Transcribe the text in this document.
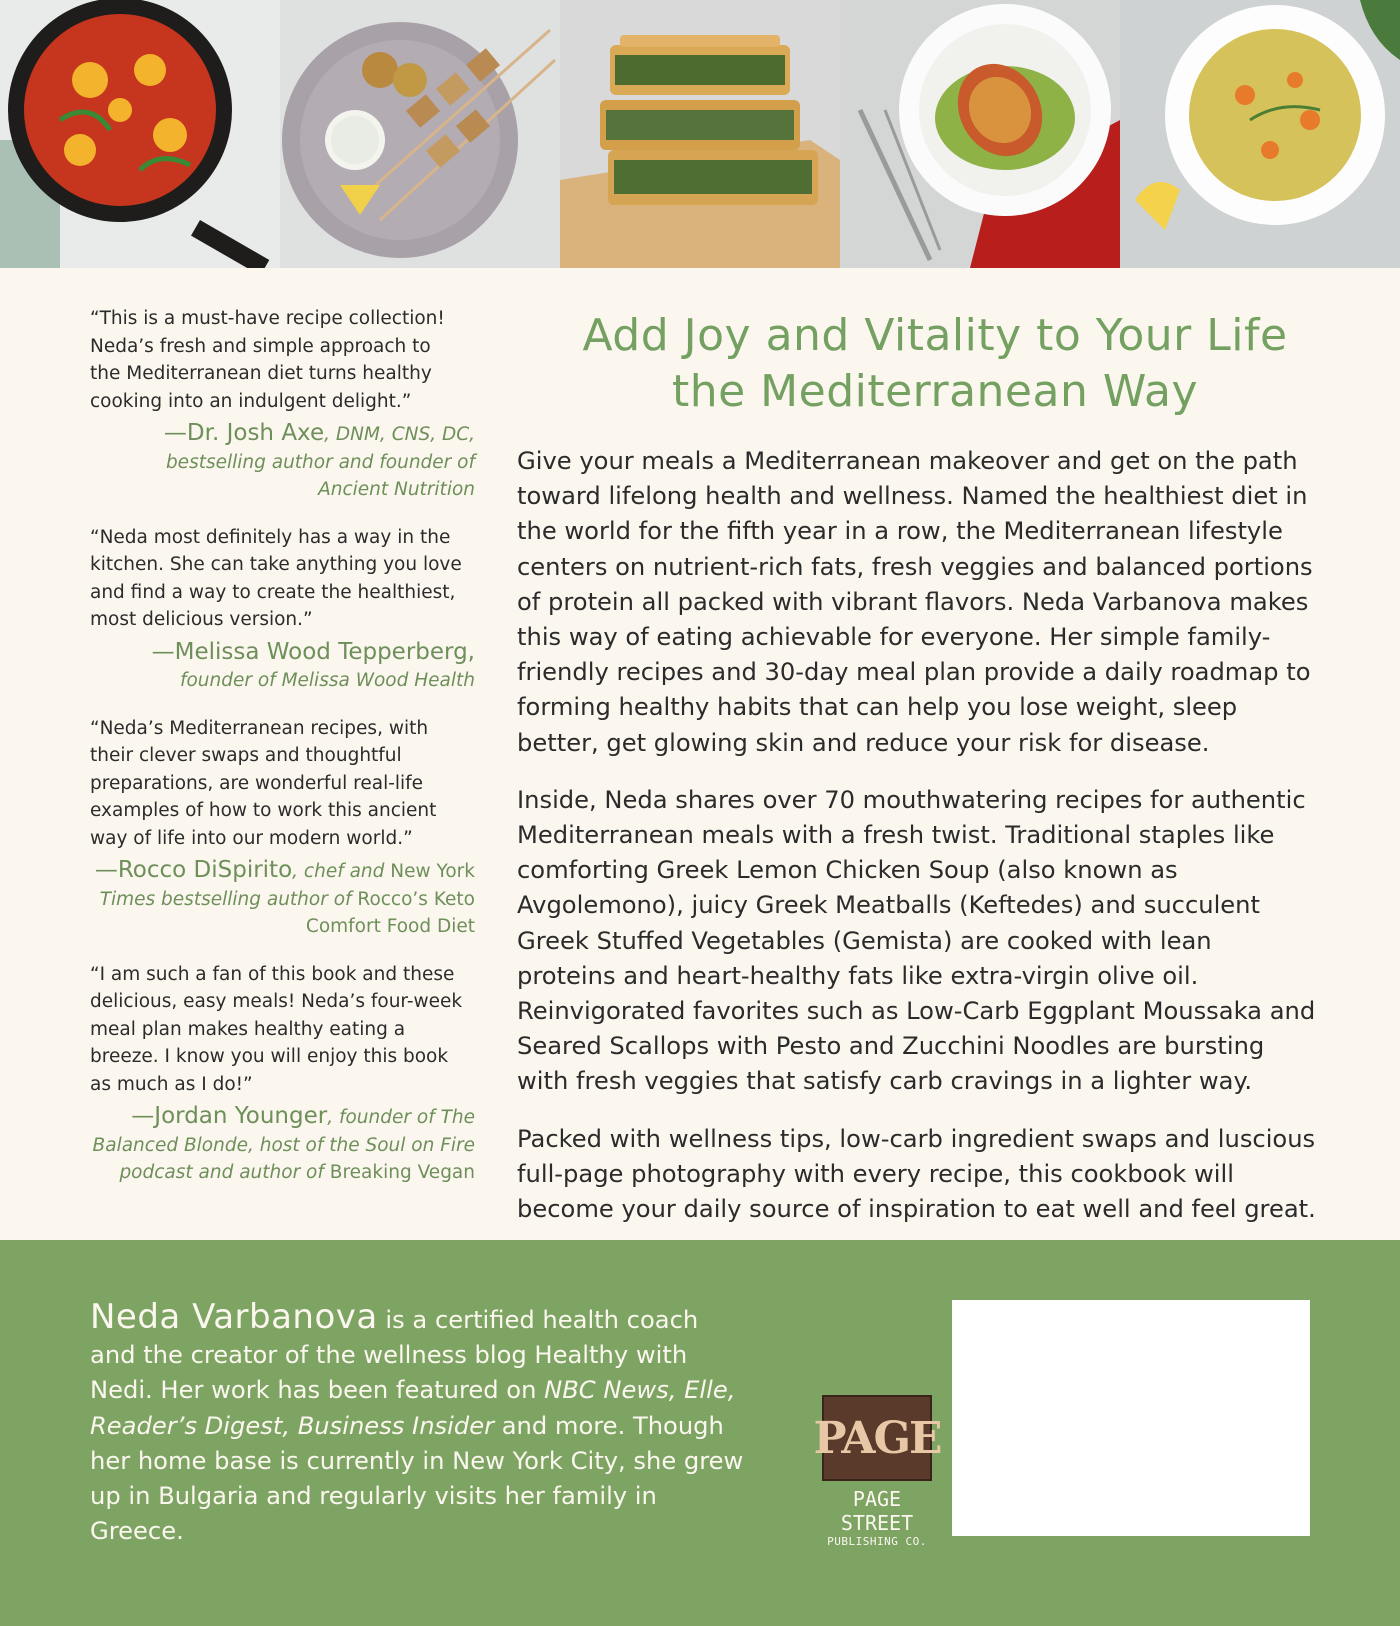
“This is a must-have recipe collection!
Neda’s fresh and simple approach to
the Mediterranean diet turns healthy
cooking into an indulgent delight.”

—Dr. Josh Axe, DNM, CNS, DC,
bestselling author and founder of
Ancient Nutrition

“Neda most definitely has a way in the
kitchen. She can take anything you love
and find a way to create the healthiest,
most delicious version.”

—Melissa Wood Tepperberg,
founder of Melissa Wood Health

“Neda’s Mediterranean recipes, with
their clever swaps and thoughtful
preparations, are wonderful real-life
examples of how to work this ancient
way of life into our modern world.”

—Rocco DiSpirito, chef and New York
Times bestselling author of Rocco’s Keto
Comfort Food Diet

“I am such a fan of this book and these
delicious, easy meals! Neda’s four-week
meal plan makes healthy eating a
breeze. I know you will enjoy this book
as much as I do!”

—Jordan Younger, founder of The
Balanced Blonde, host of the Soul on Fire
podcast and author of Breaking Vegan
Add Joy and Vitality to Your Life
the Mediterranean Way

Give your meals a Mediterranean makeover and get on the path toward lifelong health and wellness. Named the healthiest diet in the world for the fifth year in a row, the Mediterranean lifestyle centers on nutrient-rich fats, fresh veggies and balanced portions of protein all packed with vibrant flavors. Neda Varbanova makes this way of eating achievable for everyone. Her simple family-friendly recipes and 30-day meal plan provide a daily roadmap to forming healthy habits that can help you lose weight, sleep better, get glowing skin and reduce your risk for disease.

Inside, Neda shares over 70 mouthwatering recipes for authentic Mediterranean meals with a fresh twist. Traditional staples like comforting Greek Lemon Chicken Soup (also known as Avgolemono), juicy Greek Meatballs (Keftedes) and succulent Greek Stuffed Vegetables (Gemista) are cooked with lean proteins and heart-healthy fats like extra-virgin olive oil. Reinvigorated favorites such as Low-Carb Eggplant Moussaka and Seared Scallops with Pesto and Zucchini Noodles are bursting with fresh veggies that satisfy carb cravings in a lighter way.

Packed with wellness tips, low-carb ingredient swaps and luscious full-page photography with every recipe, this cookbook will become your daily source of inspiration to eat well and feel great.

Neda Varbanova is a certified health coach and the creator of the wellness blog Healthy with Nedi. Her work has been featured on NBC News, Elle, Reader’s Digest, Business Insider and more. Though her home base is currently in New York City, she grew up in Bulgaria and regularly visits her family in Greece.
PAGE
PAGE STREET
PUBLISHING CO.
